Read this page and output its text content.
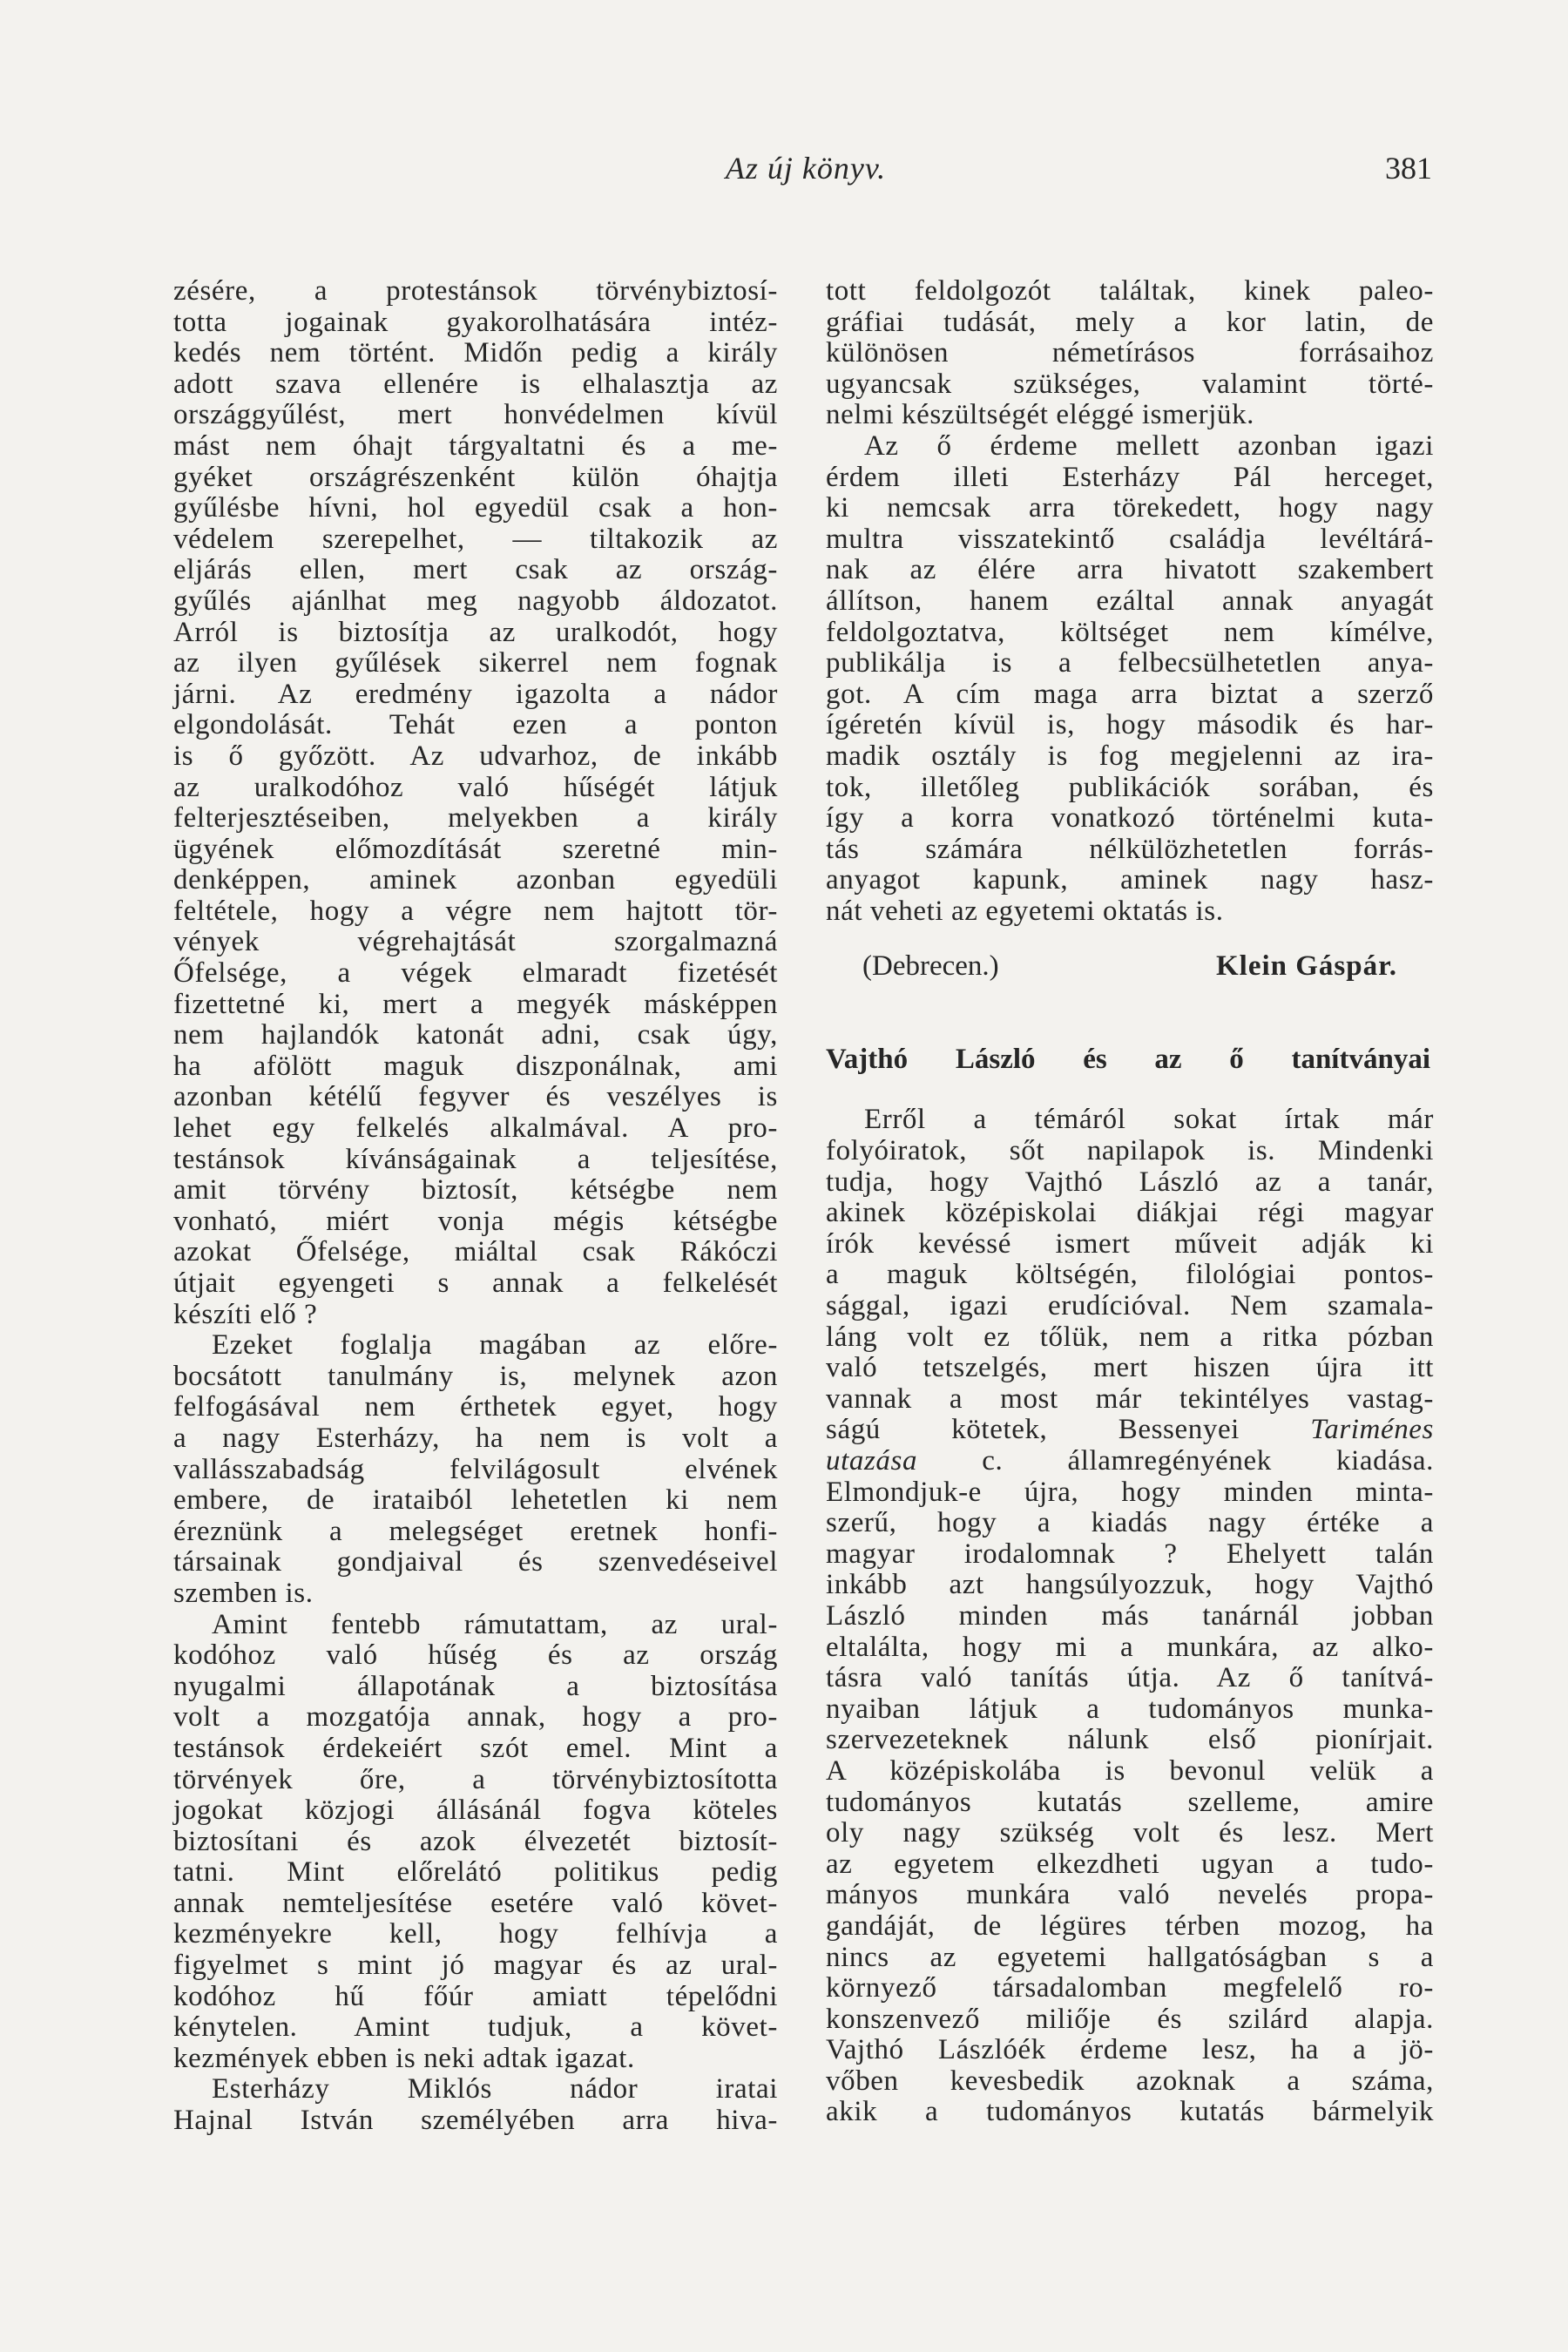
Az új könyv.	381
zésére, a protestánsok törvénybiztosí-
totta jogainak gyakorolhatására intéz-
kedés nem történt. Midőn pedig a király
adott szava ellenére is elhalasztja az
országgyűlést, mert honvédelmen kívül
mást nem óhajt tárgyaltatni és a me-
gyéket országrészenként külön óhajtja
gyűlésbe hívni, hol egyedül csak a hon-
védelem szerepelhet, — tiltakozik az
eljárás ellen, mert csak az ország-
gyűlés ajánlhat meg nagyobb áldozatot.
Arról is biztosítja az uralkodót, hogy
az ilyen gyűlések sikerrel nem fognak
járni. Az eredmény igazolta a nádor
elgondolását. Tehát ezen a ponton
is ő győzött. Az udvarhoz, de inkább
az uralkodóhoz való hűségét látjuk
felterjesztéseiben, melyekben a király
ügyének előmozdítását szeretné min-
denképpen, aminek azonban egyedüli
feltétele, hogy a végre nem hajtott tör-
vények végrehajtását szorgalmazná
Őfelsége, a végek elmaradt fizetését
fizettetné ki, mert a megyék másképpen
nem hajlandók katonát adni, csak úgy,
ha afölött maguk diszponálnak, ami
azonban kétélű fegyver és veszélyes is
lehet egy felkelés alkalmával. A pro-
testánsok kívánságainak a teljesítése,
amit törvény biztosít, kétségbe nem
vonható, miért vonja mégis kétségbe
azokat Őfelsége, miáltal csak Rákóczi
útjait egyengeti s annak a felkelését
készíti elő ?
Ezeket foglalja magában az előre-
bocsátott tanulmány is, melynek azon
felfogásával nem érthetek egyet, hogy
a nagy Esterházy, ha nem is volt a
vallásszabadság felvilágosult elvének
embere, de irataiból lehetetlen ki nem
éreznünk a melegséget eretnek honfi-
társainak gondjaival és szenvedéseivel
szemben is.
Amint fentebb rámutattam, az ural-
kodóhoz való hűség és az ország
nyugalmi állapotának a biztosítása
volt a mozgatója annak, hogy a pro-
testánsok érdekeiért szót emel. Mint a
törvények őre, a törvénybiztosította
jogokat közjogi állásánál fogva köteles
biztosítani és azok élvezetét biztosít-
tatni. Mint előrelátó politikus pedig
annak nemteljesítése esetére való követ-
kezményekre kell, hogy felhívja a
figyelmet s mint jó magyar és az ural-
kodóhoz hű főúr amiatt tépelődni
kénytelen. Amint tudjuk, a követ-
kezmények ebben is neki adtak igazat.
Esterházy Miklós nádor iratai
Hajnal István személyében arra hiva-
tott feldolgozót találtak, kinek paleo-
gráfiai tudását, mely a kor latin, de
különösen németírásos forrásaihoz
ugyancsak szükséges, valamint törté-
nelmi készültségét eléggé ismerjük.
Az ő érdeme mellett azonban igazi
érdem illeti Esterházy Pál herceget,
ki nemcsak arra törekedett, hogy nagy
multra visszatekintő családja levéltárá-
nak az élére arra hivatott szakembert
állítson, hanem ezáltal annak anyagát
feldolgoztatva, költséget nem kímélve,
publikálja is a felbecsülhetetlen anya-
got. A cím maga arra biztat a szerző
ígéretén kívül is, hogy második és har-
madik osztály is fog megjelenni az ira-
tok, illetőleg publikációk sorában, és
így a korra vonatkozó történelmi kuta-
tás számára nélkülözhetetlen forrás-
anyagot kapunk, aminek nagy hasz-
nát veheti az egyetemi oktatás is.
(Debrecen.)	Klein Gáspár.
Vajthó László és az ő tanítványai
Erről a témáról sokat írtak már
folyóiratok, sőt napilapok is. Mindenki
tudja, hogy Vajthó László az a tanár,
akinek középiskolai diákjai régi magyar
írók kevéssé ismert műveit adják ki
a maguk költségén, filológiai pontos-
sággal, igazi erudícióval. Nem szamala-
láng volt ez tőlük, nem a ritka pózban
való tetszelgés, mert hiszen újra itt
vannak a most már tekintélyes vastag-
ságú kötetek, Bessenyei Tariménes
utazása c. államregényének kiadása.
Elmondjuk-e újra, hogy minden minta-
szerű, hogy a kiadás nagy értéke a
magyar irodalomnak ? Ehelyett talán
inkább azt hangsúlyozzuk, hogy Vajthó
László minden más tanárnál jobban
eltalálta, hogy mi a munkára, az alko-
tásra való tanítás útja. Az ő tanítvá-
nyaiban látjuk a tudományos munka-
szervezeteknek nálunk első pionírjait.
A középiskolába is bevonul velük a
tudományos kutatás szelleme, amire
oly nagy szükség volt és lesz. Mert
az egyetem elkezdheti ugyan a tudo-
mányos munkára való nevelés propa-
gandáját, de légüres térben mozog, ha
nincs az egyetemi hallgatóságban s a
környező társadalomban megfelelő ro-
konszenvező miliője és szilárd alapja.
Vajthó Lászlóék érdeme lesz, ha a jö-
vőben kevesbedik azoknak a száma,
akik a tudományos kutatás bármelyik
